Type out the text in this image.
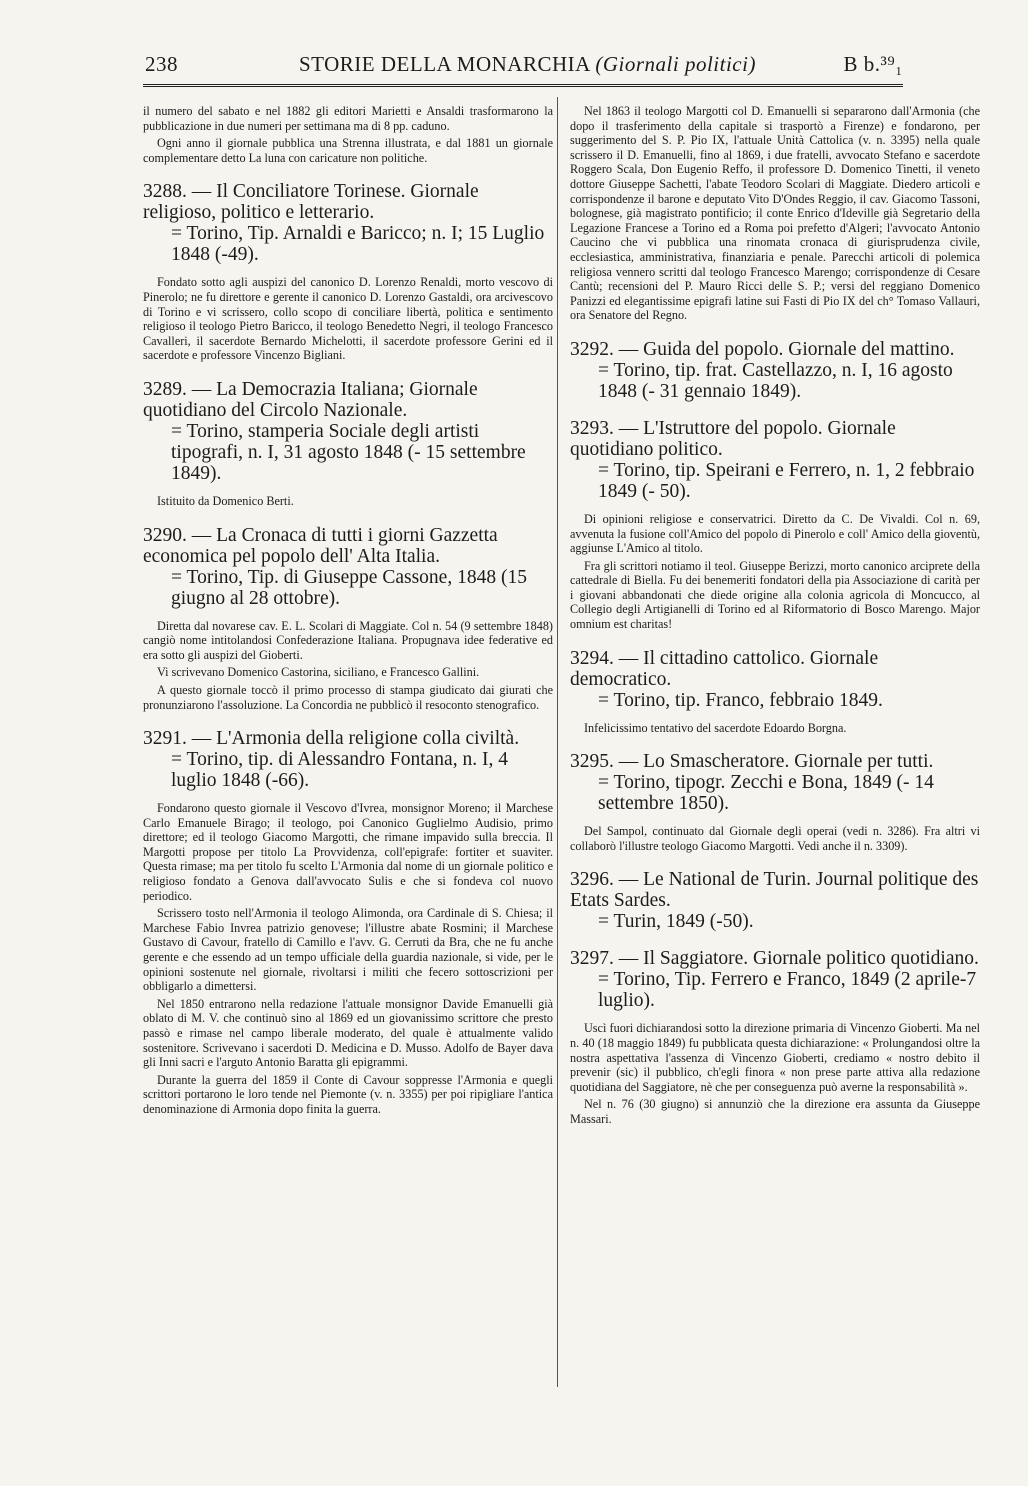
238	STORIE DELLA MONARCHIA (Giornali politici)	B b.³⁹₁

il numero del sabato e nel 1882 gli editori Marietti e Ansaldi trasformarono la pubblicazione in due numeri per settimana ma di 8 pp. caduno.

Ogni anno il giornale pubblica una Strenna illustrata, e dal 1881 un giornale complementare detto La luna con caricature non politiche.

3288. — Il Conciliatore Torinese. Giornale religioso, politico e letterario.
= Torino, Tip. Arnaldi e Baricco; n. I; 15 Luglio 1848 (-49).

Fondato sotto agli auspizi del canonico D. Lorenzo Renaldi, morto vescovo di Pinerolo; ne fu direttore e gerente il canonico D. Lorenzo Gastaldi, ora arcivescovo di Torino e vi scrissero, collo scopo di conciliare libertà, politica e sentimento religioso il teologo Pietro Baricco, il teologo Benedetto Negri, il teologo Francesco Cavalleri, il sacerdote Bernardo Michelotti, il sacerdote professore Gerini ed il sacerdote e professore Vincenzo Bigliani.

3289. — La Democrazia Italiana; Giornale quotidiano del Circolo Nazionale.
= Torino, stamperia Sociale degli artisti tipografi, n. I, 31 agosto 1848 (- 15 settembre 1849).

Istituito da Domenico Berti.

3290. — La Cronaca di tutti i giorni Gazzetta economica pel popolo dell' Alta Italia.
= Torino, Tip. di Giuseppe Cassone, 1848 (15 giugno al 28 ottobre).

Diretta dal novarese cav. E. L. Scolari di Maggiate. Col n. 54 (9 settembre 1848) cangiò nome intitolandosi Confederazione Italiana. Propugnava idee federative ed era sotto gli auspizi del Gioberti.

Vi scrivevano Domenico Castorina, siciliano, e Francesco Gallini.

A questo giornale toccò il primo processo di stampa giudicato dai giurati che pronunziarono l'assoluzione. La Concordia ne pubblicò il resoconto stenografico.

3291. — L'Armonia della religione colla civiltà.
= Torino, tip. di Alessandro Fontana, n. I, 4 luglio 1848 (-66).

Fondarono questo giornale il Vescovo d'Ivrea, monsignor Moreno; il Marchese Carlo Emanuele Birago; il teologo, poi Canonico Guglielmo Audisio, primo direttore; ed il teologo Giacomo Margotti, che rimane impavido sulla breccia. Il Margotti propose per titolo La Provvidenza, coll'epigrafe: fortiter et suaviter. Questa rimase; ma per titolo fu scelto L'Armonia dal nome di un giornale politico e religioso fondato a Genova dall'avvocato Sulis e che si fondeva col nuovo periodico.

Scrissero tosto nell'Armonia il teologo Alimonda, ora Cardinale di S. Chiesa; il Marchese Fabio Invrea patrizio genovese; l'illustre abate Rosmini; il Marchese Gustavo di Cavour, fratello di Camillo e l'avv. G. Cerruti da Bra, che ne fu anche gerente e che essendo ad un tempo ufficiale della guardia nazionale, si vide, per le opinioni sostenute nel giornale, rivoltarsi i militi che fecero sottoscrizioni per obbligarlo a dimettersi.

Nel 1850 entrarono nella redazione l'attuale monsignor Davide Emanuelli già oblato di M. V. che continuò sino al 1869 ed un giovanissimo scrittore che presto passò e rimase nel campo liberale moderato, del quale è attualmente valido sostenitore. Scrivevano i sacerdoti D. Medicina e D. Musso. Adolfo de Bayer dava gli Inni sacri e l'arguto Antonio Baratta gli epigrammi.

Durante la guerra del 1859 il Conte di Cavour soppresse l'Armonia e quegli scrittori portarono le loro tende nel Piemonte (v. n. 3355) per poi ripigliare l'antica denominazione di Armonia dopo finita la guerra.

Nel 1863 il teologo Margotti col D. Emanuelli si separarono dall'Armonia (che dopo il trasferimento della capitale si trasportò a Firenze) e fondarono, per suggerimento del S. P. Pio IX, l'attuale Unità Cattolica (v. n. 3395) nella quale scrissero il D. Emanuelli, fino al 1869, i due fratelli, avvocato Stefano e sacerdote Roggero Scala, Don Eugenio Reffo, il professore D. Domenico Tinetti, il veneto dottore Giuseppe Sachetti, l'abate Teodoro Scolari di Maggiate. Diedero articoli e corrispondenze il barone e deputato Vito D'Ondes Reggio, il cav. Giacomo Tassoni, bolognese, già magistrato pontificio; il conte Enrico d'Ideville già Segretario della Legazione Francese a Torino ed a Roma poi prefetto d'Algeri; l'avvocato Antonio Caucino che vi pubblica una rinomata cronaca di giurisprudenza civile, ecclesiastica, amministrativa, finanziaria e penale. Parecchi articoli di polemica religiosa vennero scritti dal teologo Francesco Marengo; corrispondenze di Cesare Cantù; recensioni del P. Mauro Ricci delle S. P.; versi del reggiano Domenico Panizzi ed elegantissime epigrafi latine sui Fasti di Pio IX del ch° Tomaso Vallauri, ora Senatore del Regno.

3292. — Guida del popolo. Giornale del mattino.
= Torino, tip. frat. Castellazzo, n. I, 16 agosto 1848 (- 31 gennaio 1849).
3293. — L'Istruttore del popolo. Giornale quotidiano politico.
= Torino, tip. Speirani e Ferrero, n. 1, 2 febbraio 1849 (- 50).

Di opinioni religiose e conservatrici. Diretto da C. De Vivaldi. Col n. 69, avvenuta la fusione coll'Amico del popolo di Pinerolo e coll' Amico della gioventù, aggiunse L'Amico al titolo.

Fra gli scrittori notiamo il teol. Giuseppe Berizzi, morto canonico arciprete della cattedrale di Biella. Fu dei benemeriti fondatori della pia Associazione di carità per i giovani abbandonati che diede origine alla colonia agricola di Moncucco, al Collegio degli Artigianelli di Torino ed al Riformatorio di Bosco Marengo. Major omnium est charitas!

3294. — Il cittadino cattolico. Giornale democratico.
= Torino, tip. Franco, febbraio 1849.

Infelicissimo tentativo del sacerdote Edoardo Borgna.

3295. — Lo Smascheratore. Giornale per tutti.
= Torino, tipogr. Zecchi e Bona, 1849 (- 14 settembre 1850).

Del Sampol, continuato dal Giornale degli operai (vedi n. 3286). Fra altri vi collaborò l'illustre teologo Giacomo Margotti. Vedi anche il n. 3309).

3296. — Le National de Turin. Journal politique des Etats Sardes.
= Turin, 1849 (-50).
3297. — Il Saggiatore. Giornale politico quotidiano.
= Torino, Tip. Ferrero e Franco, 1849 (2 aprile-7 luglio).

Uscì fuori dichiarandosi sotto la direzione primaria di Vincenzo Gioberti. Ma nel n. 40 (18 maggio 1849) fu pubblicata questa dichiarazione: « Prolungandosi oltre la nostra aspettativa l'assenza di Vincenzo Gioberti, crediamo « nostro debito il prevenir (sic) il pubblico, ch'egli finora « non prese parte attiva alla redazione quotidiana del Saggiatore, nè che per conseguenza può averne la responsabilità ».

Nel n. 76 (30 giugno) si annunziò che la direzione era assunta da Giuseppe Massari.
